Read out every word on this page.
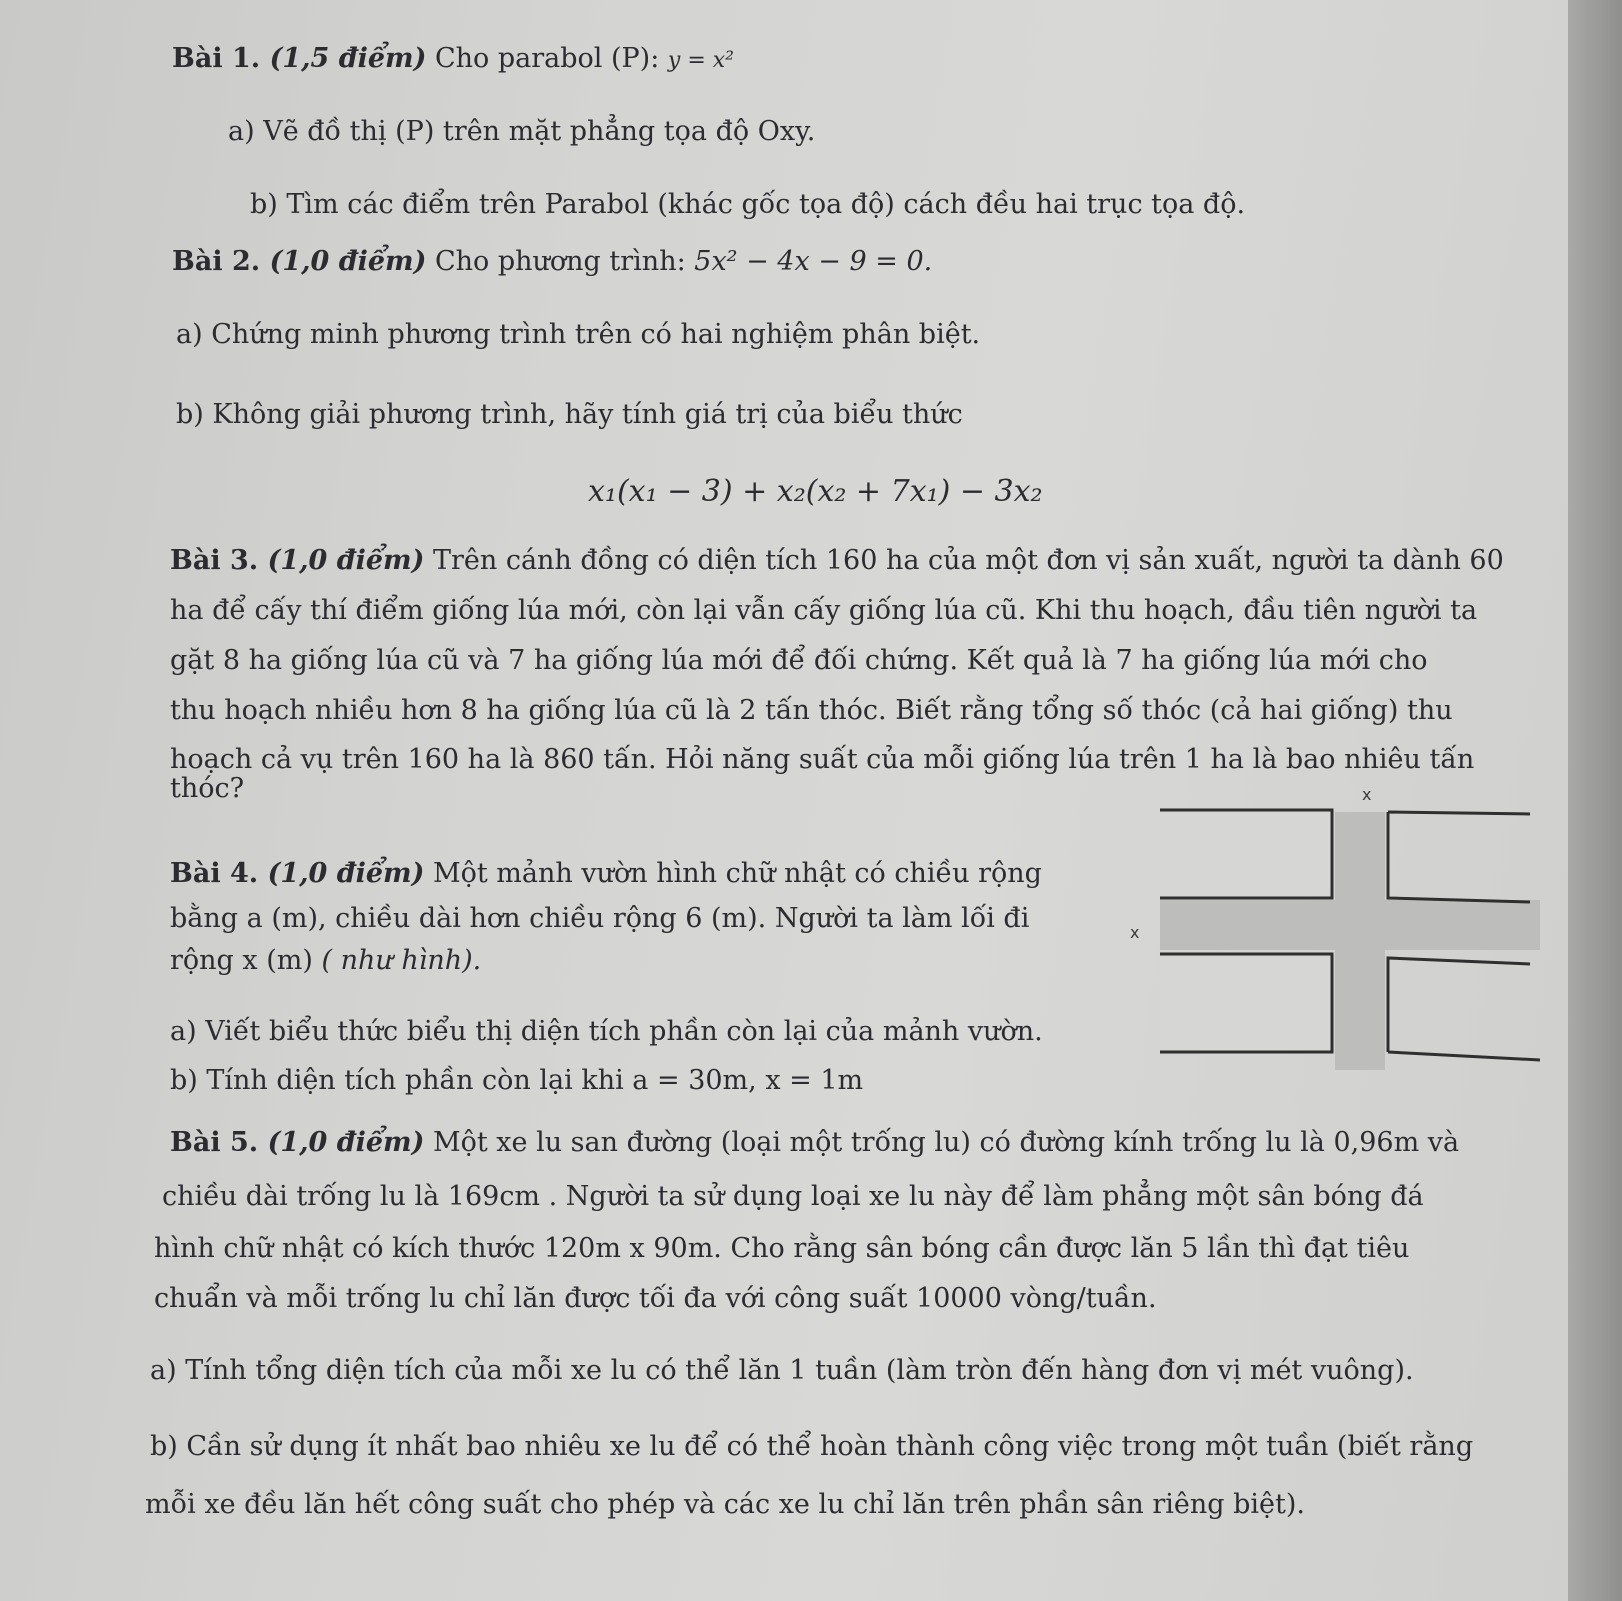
Bài 1. (1,5 điểm) Cho parabol (P): y = x²
a) Vẽ đồ thị (P) trên mặt phẳng tọa độ Oxy.
b) Tìm các điểm trên Parabol (khác gốc tọa độ) cách đều hai trục tọa độ.
Bài 2. (1,0 điểm) Cho phương trình: 5x² − 4x − 9 = 0.
a) Chứng minh phương trình trên có hai nghiệm phân biệt.
b) Không giải phương trình, hãy tính giá trị của biểu thức
x₁(x₁ − 3) + x₂(x₂ + 7x₁) − 3x₂
Bài 3. (1,0 điểm) Trên cánh đồng có diện tích 160 ha của một đơn vị sản xuất, người ta dành 60
ha để cấy thí điểm giống lúa mới, còn lại vẫn cấy giống lúa cũ. Khi thu hoạch, đầu tiên người ta
gặt 8 ha giống lúa cũ và 7 ha giống lúa mới để đối chứng. Kết quả là 7 ha giống lúa mới cho
thu hoạch nhiều hơn 8 ha giống lúa cũ là 2 tấn thóc. Biết rằng tổng số thóc (cả hai giống) thu
hoạch cả vụ trên 160 ha là 860 tấn. Hỏi năng suất của mỗi giống lúa trên 1 ha là bao nhiêu tấn
thóc?
Bài 4. (1,0 điểm) Một mảnh vườn hình chữ nhật có chiều rộng
bằng a (m), chiều dài hơn chiều rộng 6 (m). Người ta làm lối đi
rộng x (m) ( như hình).
a) Viết biểu thức biểu thị diện tích phần còn lại của mảnh vườn.
b) Tính diện tích phần còn lại khi a = 30m, x = 1m
x
x
Bài 5. (1,0 điểm) Một xe lu san đường (loại một trống lu) có đường kính trống lu là 0,96m và
chiều dài trống lu là 169cm . Người ta sử dụng loại xe lu này để làm phẳng một sân bóng đá
hình chữ nhật có kích thước 120m x 90m. Cho rằng sân bóng cần được lăn 5 lần thì đạt tiêu
chuẩn và mỗi trống lu chỉ lăn được tối đa với công suất 10000 vòng/tuần.
a) Tính tổng diện tích của mỗi xe lu có thể lăn 1 tuần (làm tròn đến hàng đơn vị mét vuông).
b) Cần sử dụng ít nhất bao nhiêu xe lu để có thể hoàn thành công việc trong một tuần (biết rằng
mỗi xe đều lăn hết công suất cho phép và các xe lu chỉ lăn trên phần sân riêng biệt).
